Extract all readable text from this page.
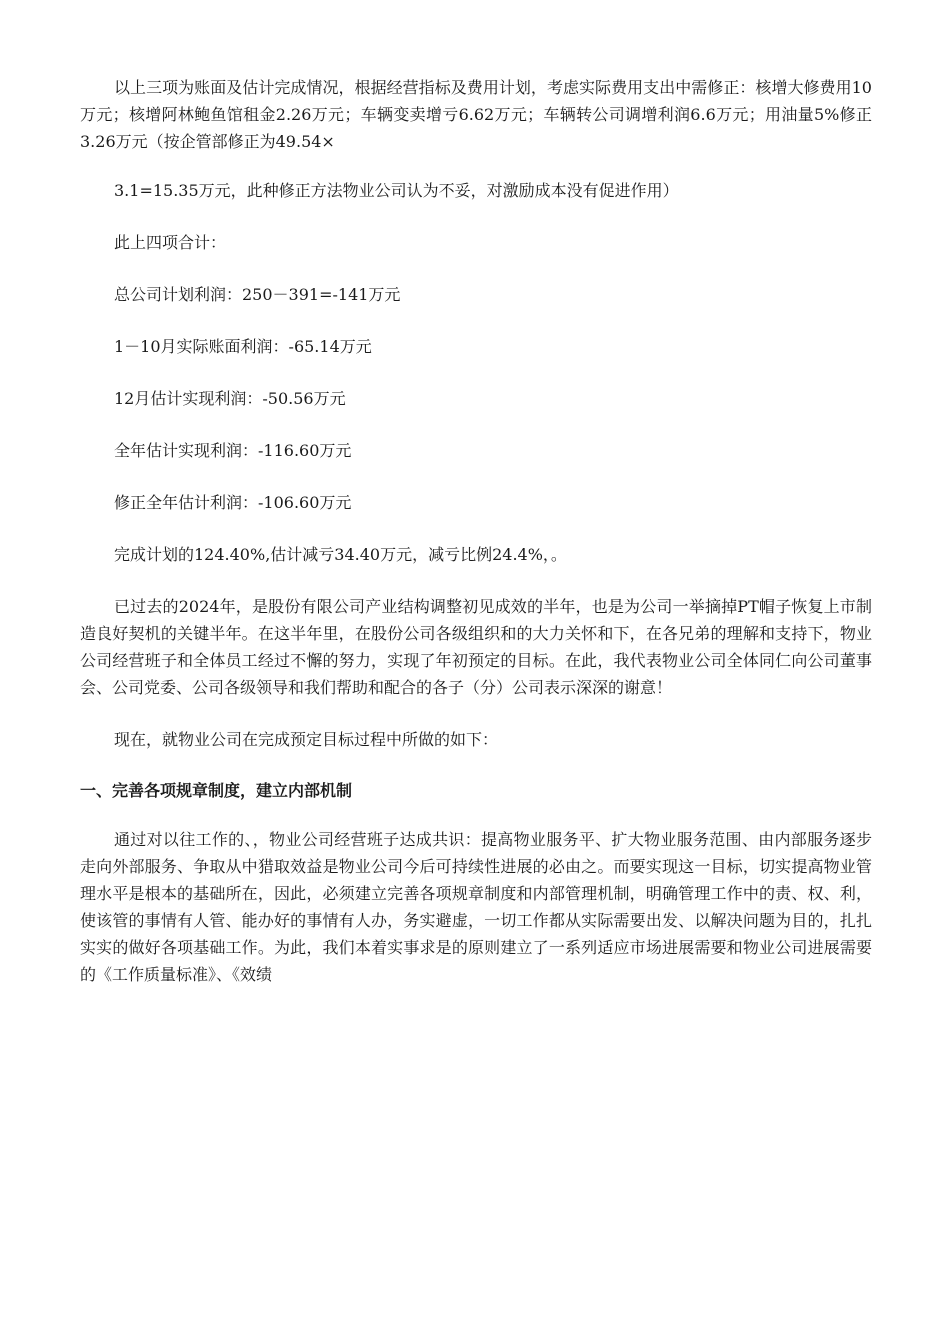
以上三项为账面及估计完成情况，根据经营指标及费用计划，考虑实际费用支出中需修正：核增大修费用10万元；核增阿林鲍鱼馆租金2.26万元；车辆变卖增亏6.62万元；车辆转公司调增利润6.6万元；用油量5%修正3.26万元（按企管部修正为49.54×

3.1=15.35万元，此种修正方法物业公司认为不妥，对激励成本没有促进作用）

此上四项合计：

总公司计划利润：250－391=-141万元

1－10月实际账面利润：-65.14万元

12月估计实现利润：-50.56万元

全年估计实现利润：-116.60万元

修正全年估计利润：-106.60万元

完成计划的124.40%,估计减亏34.40万元，减亏比例24.4%，。

已过去的2024年，是股份有限公司产业结构调整初见成效的半年，也是为公司一举摘掉PT帽子恢复上市制造良好契机的关键半年。在这半年里，在股份公司各级组织和的大力关怀和下，在各兄弟的理解和支持下，物业公司经营班子和全体员工经过不懈的努力，实现了年初预定的目标。在此，我代表物业公司全体同仁向公司董事会、公司党委、公司各级领导和我们帮助和配合的各子（分）公司表示深深的谢意！

现在，就物业公司在完成预定目标过程中所做的如下：

一、完善各项规章制度，建立内部机制

通过对以往工作的、，物业公司经营班子达成共识：提高物业服务平、扩大物业服务范围、由内部服务逐步走向外部服务、争取从中猎取效益是物业公司今后可持续性进展的必由之。而要实现这一目标，切实提高物业管理水平是根本的基础所在，因此，必须建立完善各项规章制度和内部管理机制，明确管理工作中的责、权、利，使该管的事情有人管、能办好的事情有人办，务实避虚，一切工作都从实际需要出发、以解决问题为目的，扎扎实实的做好各项基础工作。为此，我们本着实事求是的原则建立了一系列适应市场进展需要和物业公司进展需要的《工作质量标准》、《效绩
